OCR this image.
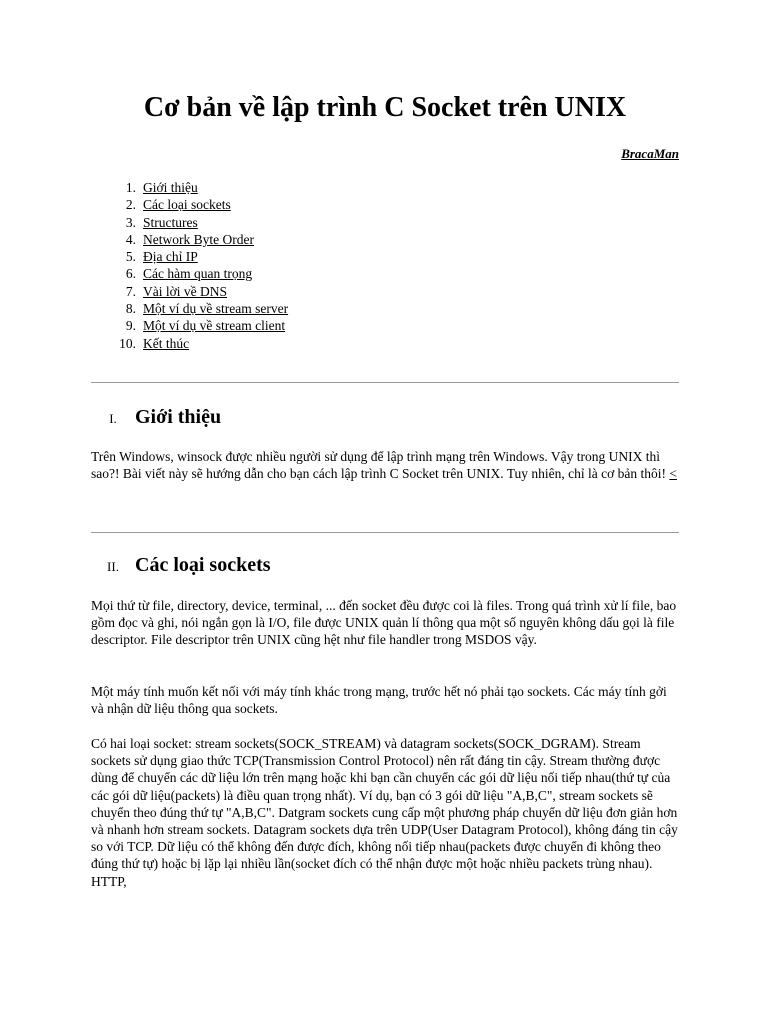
Cơ bản về lập trình C Socket trên UNIX
BracaMan
1. Giới thiệu
2. Các loại sockets
3. Structures
4. Network Byte Order
5. Địa chỉ IP
6. Các hàm quan trọng
7. Vài lời về DNS
8. Một ví dụ về stream server
9. Một ví dụ về stream client
10. Kết thúc
I. Giới thiệu

Trên Windows, winsock được nhiều người sử dụng để lập trình mạng trên Windows. Vậy trong UNIX thì sao?! Bài viết này sẽ hướng dẫn cho bạn cách lập trình C Socket trên UNIX. Tuy nhiên, chỉ là cơ bản thôi! <

II. Các loại sockets

Mọi thứ từ file, directory, device, terminal, ... đến socket đều được coi là files. Trong quá trình xử lí file, bao gồm đọc và ghi, nói ngắn gọn là I/O, file được UNIX quản lí thông qua một số nguyên không dấu gọi là file descriptor. File descriptor trên UNIX cũng hệt như file handler trong MSDOS vậy.

Một máy tính muốn kết nối với máy tính khác trong mạng, trước hết nó phải tạo sockets. Các máy tính gởi và nhận dữ liệu thông qua sockets.

Có hai loại socket: stream sockets(SOCK_STREAM) và datagram sockets(SOCK_DGRAM). Stream sockets sử dụng giao thức TCP(Transmission Control Protocol) nên rất đáng tin cậy. Stream thường được dùng để chuyển các dữ liệu lớn trên mạng hoặc khi bạn cần chuyển các gói dữ liệu nối tiếp nhau(thứ tự của các gói dữ liệu(packets) là điều quan trọng nhất). Ví dụ, bạn có 3 gói dữ liệu "A,B,C", stream sockets sẽ chuyển theo đúng thứ tự "A,B,C". Datgram sockets cung cấp một phương pháp chuyển dữ liệu đơn giản hơn và nhanh hơn stream sockets. Datagram sockets dựa trên UDP(User Datagram Protocol), không đáng tin cậy so với TCP. Dữ liệu có thể không đến được đích, không nối tiếp nhau(packets được chuyển đi không theo đúng thứ tự) hoặc bị lặp lại nhiều lần(socket đích có thể nhận được một hoặc nhiều packets trùng nhau). HTTP,
